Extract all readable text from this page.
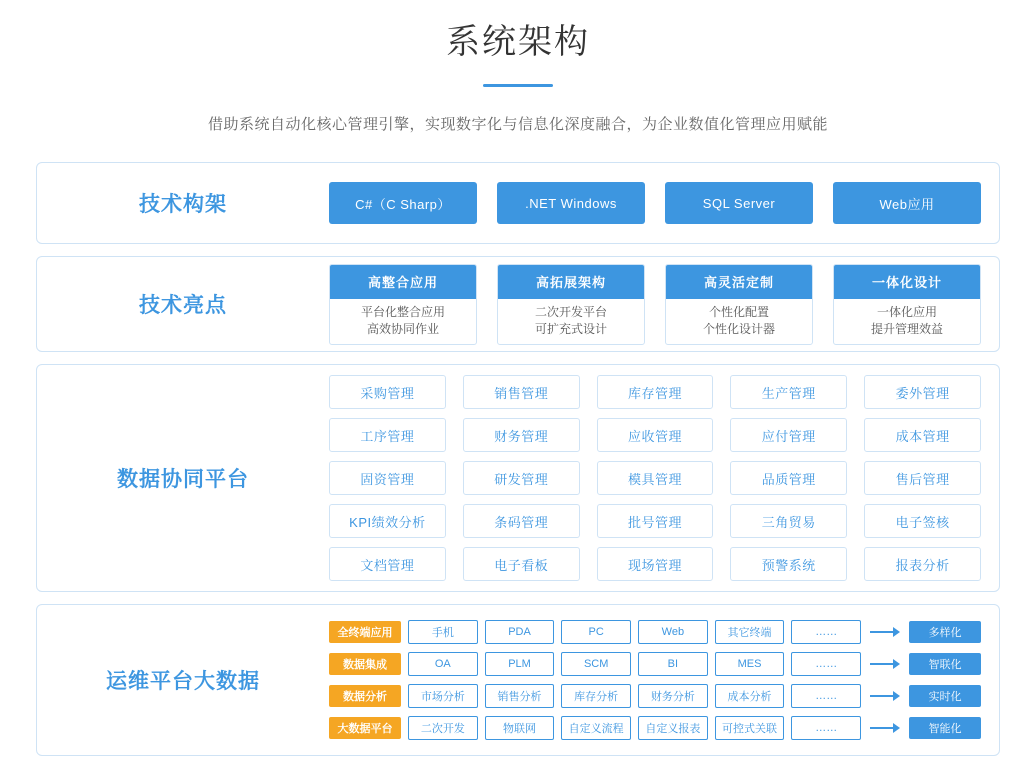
系统架构
借助系统自动化核心管理引擎，实现数字化与信息化深度融合，为企业数值化管理应用赋能
技术构架	C#（C Sharp）	.NET Windows	SQL Server	Web应用
技术亮点
高整合应用
平台化整合应用
高效协同作业
高拓展架构
二次开发平台
可扩充式设计
高灵活定制
个性化配置
个性化设计器
一体化设计
一体化应用
提升管理效益
数据协同平台
采购管理	销售管理	库存管理	生产管理	委外管理
工序管理	财务管理	应收管理	应付管理	成本管理
固资管理	研发管理	模具管理	品质管理	售后管理
KPI绩效分析	条码管理	批号管理	三角贸易	电子签核
文档管理	电子看板	现场管理	预警系统	报表分析
运维平台大数据
全终端应用	手机	PDA	PC	Web	其它终端	……	多样化
数据集成	OA	PLM	SCM	BI	MES	……	智联化
数据分析	市场分析	销售分析	库存分析	财务分析	成本分析	……	实时化
大数据平台	二次开发	物联网	自定义流程	自定义报表	可控式关联	……	智能化
